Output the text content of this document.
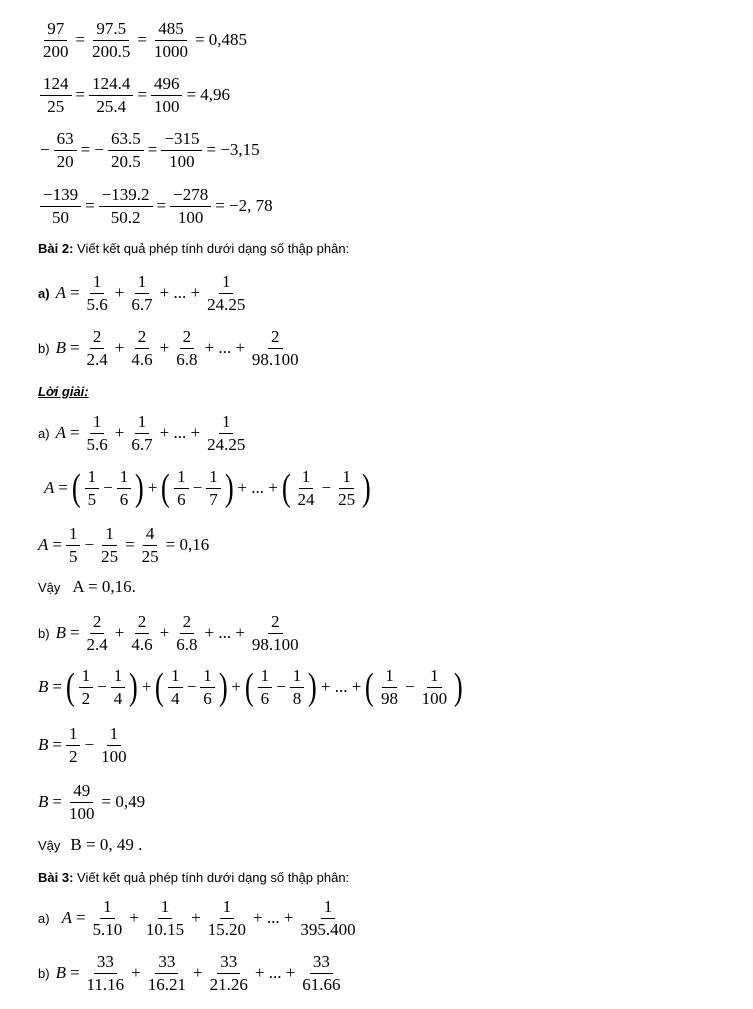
$\frac{97}{200} = \frac{97.5}{200.5} = \frac{485}{1000} = 0,485$
$\frac{124}{25} = \frac{124.4}{25.4} = \frac{496}{100} = 4,96$
− $\frac{63}{20}$ = − $\frac{63.5}{20.5} = \frac{-315}{100} = -3,15$
$\frac{-139}{50} = \frac{-139.2}{50.2} = \frac{-278}{100} = -2$, 78
Bài 2: Viết kết quả phép tính dưới dạng số thập phân:
a) $A = \frac{1}{5.6} + \frac{1}{6.7}$ + ... + $\frac{1}{24.25}$
b) $B = \frac{2}{2.4} + \frac{2}{4.6} + \frac{2}{6.8}$ + ... + $\frac{2}{98.100}$
Lời giải:
a) $A = \frac{1}{5.6} + \frac{1}{6.7}$ + ... + $\frac{1}{24.25}$
A = ( $\frac{1}{5} - \frac{1}{6}$ ) + ( $\frac{1}{6} - \frac{1}{7}$ ) + ... + ( $\frac{1}{24} - \frac{1}{25}$ )
$A = \frac{1}{5} - \frac{1}{25} = \frac{4}{25} = 0,16$
Vậy A = 0,16.
b) $B = \frac{2}{2.4} + \frac{2}{4.6} + \frac{2}{6.8}$ + ... + $\frac{2}{98.100}$
B = ( $\frac{1}{2} - \frac{1}{4}$ ) + ( $\frac{1}{4} - \frac{1}{6}$ ) + ( $\frac{1}{6} - \frac{1}{8}$ ) + ... + ( $\frac{1}{98} - \frac{1}{100}$ )
$B = \frac{1}{2} - \frac{1}{100}$
$B = \frac{49}{100} = 0,49$
Vậy B = 0, 49 .
Bài 3: Viết kết quả phép tính dưới dạng số thập phân:
a) $A = \frac{1}{5.10} + \frac{1}{10.15} + \frac{1}{15.20}$ + ... + $\frac{1}{395.400}$
b) $B = \frac{33}{11.16} + \frac{33}{16.21} + \frac{33}{21.26}$ + ... + $\frac{33}{61.66}$
